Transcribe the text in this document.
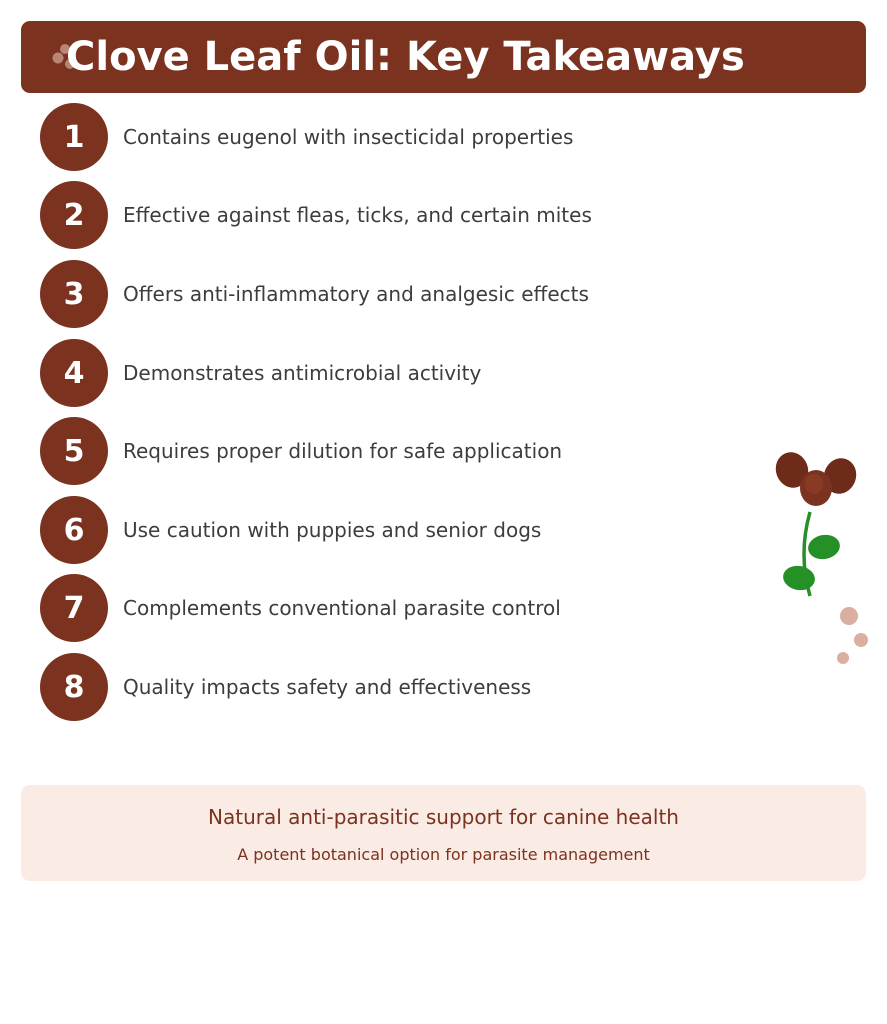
Clove Leaf Oil: Key Takeaways
1	Contains eugenol with insecticidal properties
2	Effective against fleas, ticks, and certain mites
3	Offers anti-inflammatory and analgesic effects
4	Demonstrates antimicrobial activity
5	Requires proper dilution for safe application
6	Use caution with puppies and senior dogs
7	Complements conventional parasite control
8	Quality impacts safety and effectiveness
Natural anti-parasitic support for canine health
A potent botanical option for parasite management
